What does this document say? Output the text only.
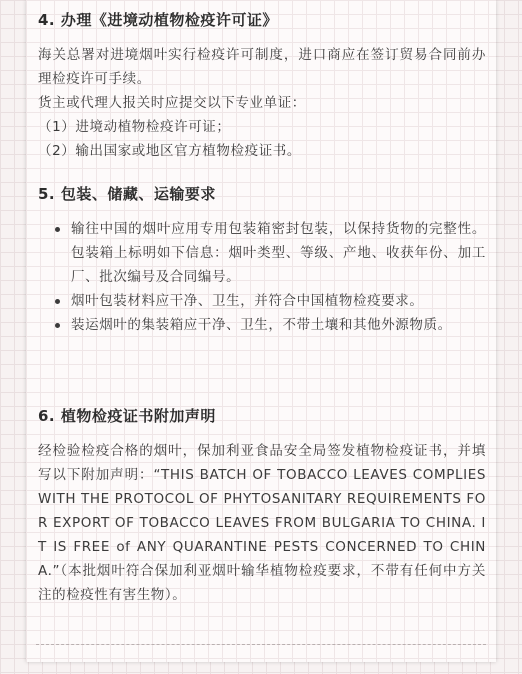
4. 办理《进境动植物检疫许可证》

海关总署对进境烟叶实行检疫许可制度，进口商应在签订贸易合同前办理检疫许可手续。

货主或代理人报关时应提交以下专业单证：

（1）进境动植物检疫许可证；
（2）输出国家或地区官方植物检疫证书。
5. 包装、储藏、运输要求
输往中国的烟叶应用专用包装箱密封包装，以保持货物的完整性。包装箱上标明如下信息：烟叶类型、等级、产地、收获年份、加工厂、批次编号及合同编号。
烟叶包装材料应干净、卫生，并符合中国植物检疫要求。
装运烟叶的集装箱应干净、卫生，不带土壤和其他外源物质。
6. 植物检疫证书附加声明

经检验检疫合格的烟叶，保加利亚食品安全局签发植物检疫证书，并填写以下附加声明：“THIS BATCH OF TOBACCO LEAVES COMPLIES WITH THE PROTOCOL OF PHYTOSANITARY REQUIREMENTS FOR EXPORT OF TOBACCO LEAVES FROM BULGARIA TO CHINA. IT IS FREE of ANY QUARANTINE PESTS CONCERNED TO CHINA.”（本批烟叶符合保加利亚烟叶输华植物检疫要求，不带有任何中方关注的检疫性有害生物）。
